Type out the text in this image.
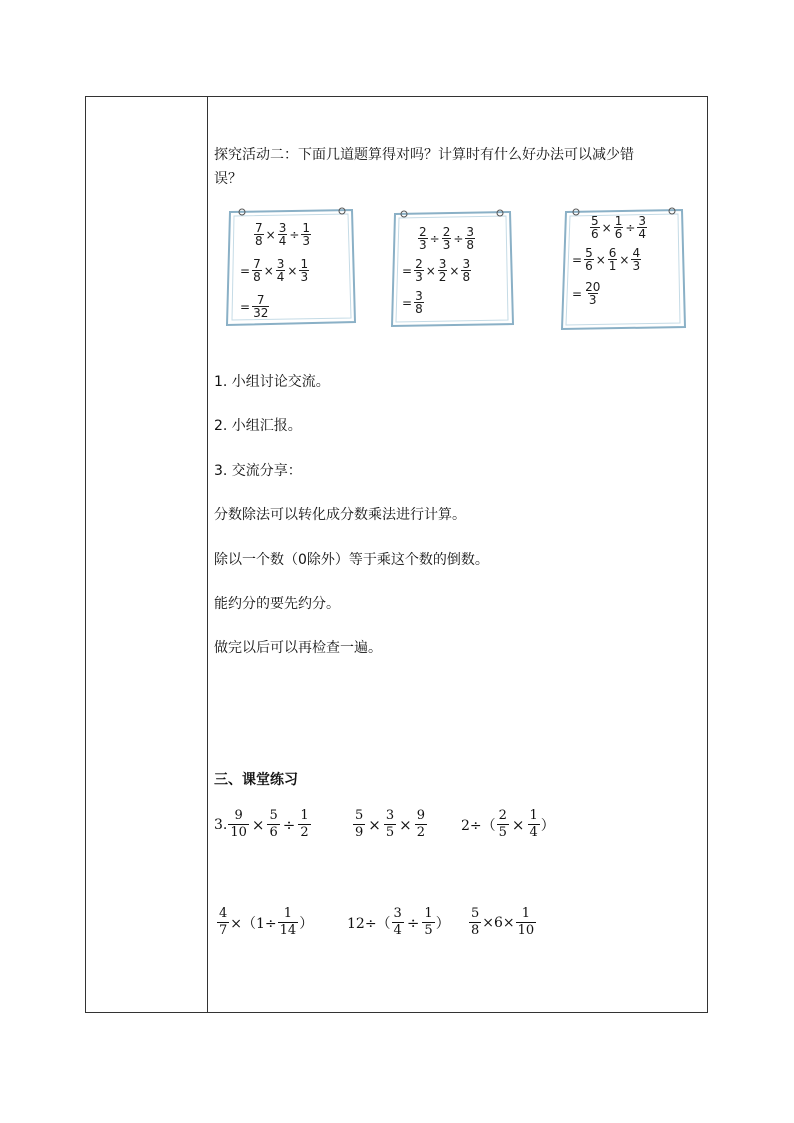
探究活动二：下面几道题算得对吗？计算时有什么好办法可以减少错
误？
$\frac{7}{8} \times \frac{3}{4} \div \frac{1}{3}$
= $\frac{7}{8} \times \frac{3}{4} \times \frac{1}{3}$
= $\frac{7}{32}$
$\frac{2}{3} \div \frac{2}{3} \div \frac{3}{8}$
= $\frac{2}{3} \times \frac{3}{2} \times \frac{3}{8}$
= $\frac{3}{8}$
$\frac{5}{6} \times \frac{1}{6} \div \frac{3}{4}$
= $\frac{5}{6} \times \frac{6}{1} \times \frac{4}{3}$
= $\frac{20}{3}$
1. 小组讨论交流。
2. 小组汇报。
3. 交流分享：
分数除法可以转化成分数乘法进行计算。
除以一个数（0除外）等于乘这个数的倒数。
能约分的要先约分。
做完以后可以再检查一遍。
三、课堂练习
3. $\frac{9}{10} \times \frac{5}{6} \div \frac{1}{2}$	$\frac{5}{9} \times \frac{3}{5} \times \frac{9}{2} 2\div( \frac{2}{5} \times \frac{1}{4}$ ）
$\frac{4}{7} \times(1\div \frac{1}{14}$ ） $12\div( \frac{3}{4} \div \frac{1}{5}$ ） $\frac{5}{8} \times 6\times \frac{1}{10}$
